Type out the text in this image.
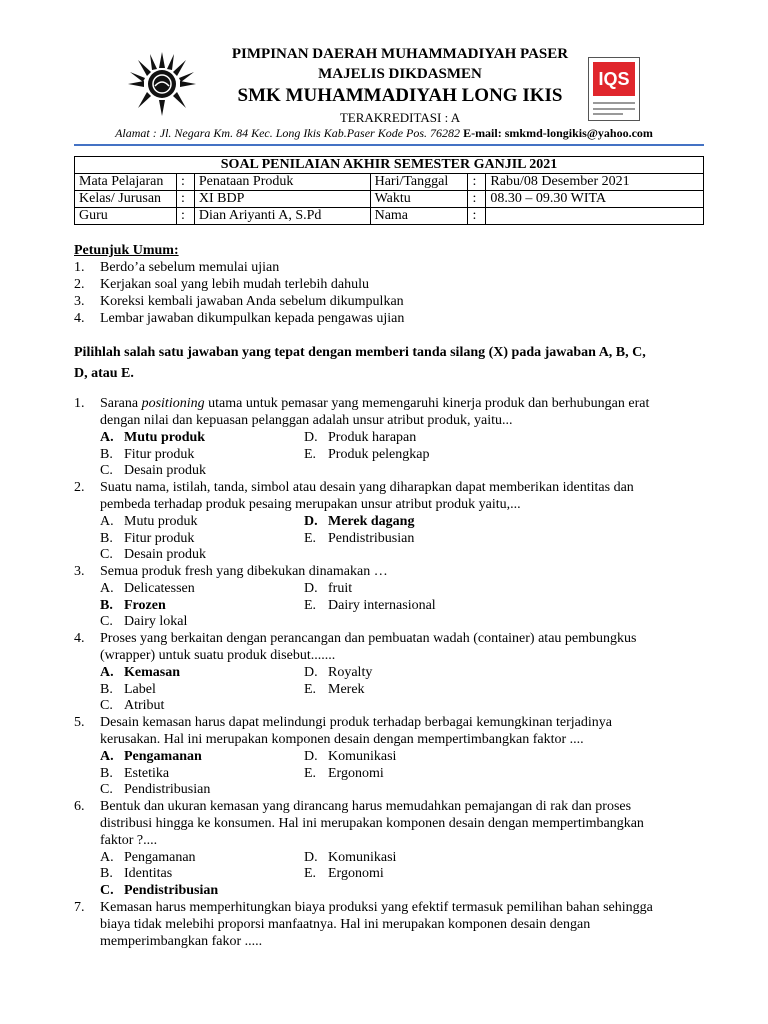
IQS
PIMPINAN DAERAH MUHAMMADIYAH PASER
MAJELIS DIKDASMEN
SMK MUHAMMADIYAH LONG IKIS
TERAKREDITASI : A
Alamat : Jl. Negara Km. 84 Kec. Long Ikis Kab.Paser Kode Pos. 76282 E-mail: smkmd-longikis@yahoo.com
SOAL PENILAIAN AKHIR SEMESTER GANJIL 2021					
Mata Pelajaran	:	Penataan Produk	Hari/Tanggal	:	Rabu/08 Desember 2021
Kelas/ Jurusan	:	XI BDP	Waktu	:	08.30 – 09.30 WITA
Guru	:	Dian Ariyanti A, S.Pd	Nama	:	
Petunjuk Umum:
1. Berdo’a sebelum memulai ujian
2. Kerjakan soal yang lebih mudah terlebih dahulu
3. Koreksi kembali jawaban Anda sebelum dikumpulkan
4. Lembar jawaban dikumpulkan kepada pengawas ujian
Pilihlah salah satu jawaban yang tepat dengan memberi tanda silang (X) pada jawaban A, B, C,
D, atau E.
1. Sarana positioning utama untuk pemasar yang memengaruhi kinerja produk dan berhubungan erat
dengan nilai dan kepuasan pelanggan adalah unsur atribut produk, yaitu...
A. Mutu produk	D. Produk harapan
B. Fitur produk	E. Produk pelengkap
C. Desain produk
2. Suatu nama, istilah, tanda, simbol atau desain yang diharapkan dapat memberikan identitas dan
pembeda terhadap produk pesaing merupakan unsur atribut produk yaitu,...
A. Mutu produk	D. Merek dagang
B. Fitur produk	E. Pendistribusian
C. Desain produk
3. Semua produk fresh yang dibekukan dinamakan …
A. Delicatessen	D. fruit
B. Frozen	E. Dairy internasional
C. Dairy lokal
4. Proses yang berkaitan dengan perancangan dan pembuatan wadah (container) atau pembungkus
(wrapper) untuk suatu produk disebut.......
A. Kemasan	D. Royalty
B. Label	E. Merek
C. Atribut
5. Desain kemasan harus dapat melindungi produk terhadap berbagai kemungkinan terjadinya
kerusakan. Hal ini merupakan komponen desain dengan mempertimbangkan faktor ....
A. Pengamanan	D. Komunikasi
B. Estetika	E. Ergonomi
C. Pendistribusian
6. Bentuk dan ukuran kemasan yang dirancang harus memudahkan pemajangan di rak dan proses
distribusi hingga ke konsumen. Hal ini merupakan komponen desain dengan mempertimbangkan
faktor ?....
A. Pengamanan	D. Komunikasi
B. Identitas	E. Ergonomi
C. Pendistribusian
7. Kemasan harus memperhitungkan biaya produksi yang efektif termasuk pemilihan bahan sehingga
biaya tidak melebihi proporsi manfaatnya. Hal ini merupakan komponen desain dengan
memperimbangkan fakor .....
